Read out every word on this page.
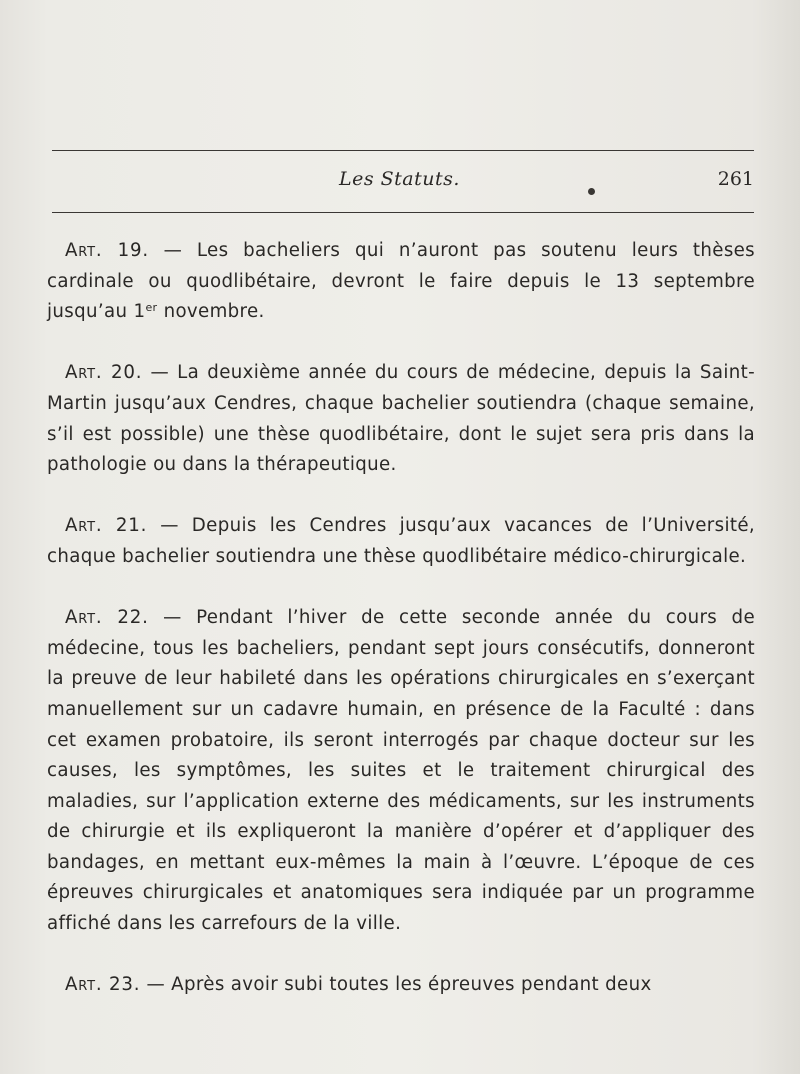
Les Statuts.	261

Art. 19. — Les bacheliers qui n’auront pas soutenu leurs thèses cardinale ou quodlibétaire, devront le faire depuis le 13 septembre jusqu’au 1er novembre.

Art. 20. — La deuxième année du cours de médecine, depuis la Saint-Martin jusqu’aux Cendres, chaque bachelier soutiendra (chaque semaine, s’il est possible) une thèse quodlibétaire, dont le sujet sera pris dans la pathologie ou dans la thérapeutique.

Art. 21. — Depuis les Cendres jusqu’aux vacances de l’Université, chaque bachelier soutiendra une thèse quodlibétaire médico-chirurgicale.

Art. 22. — Pendant l’hiver de cette seconde année du cours de médecine, tous les bacheliers, pendant sept jours consécutifs, donneront la preuve de leur habileté dans les opérations chirurgicales en s’exerçant manuellement sur un cadavre humain, en présence de la Faculté : dans cet examen probatoire, ils seront interrogés par chaque docteur sur les causes, les symptômes, les suites et le traitement chirurgical des maladies, sur l’application externe des médicaments, sur les instruments de chirurgie et ils expliqueront la manière d’opérer et d’appliquer des bandages, en mettant eux-mêmes la main à l’œuvre. L’époque de ces épreuves chirurgicales et anatomiques sera indiquée par un programme affiché dans les carrefours de la ville.

Art. 23. — Après avoir subi toutes les épreuves pendant deux
